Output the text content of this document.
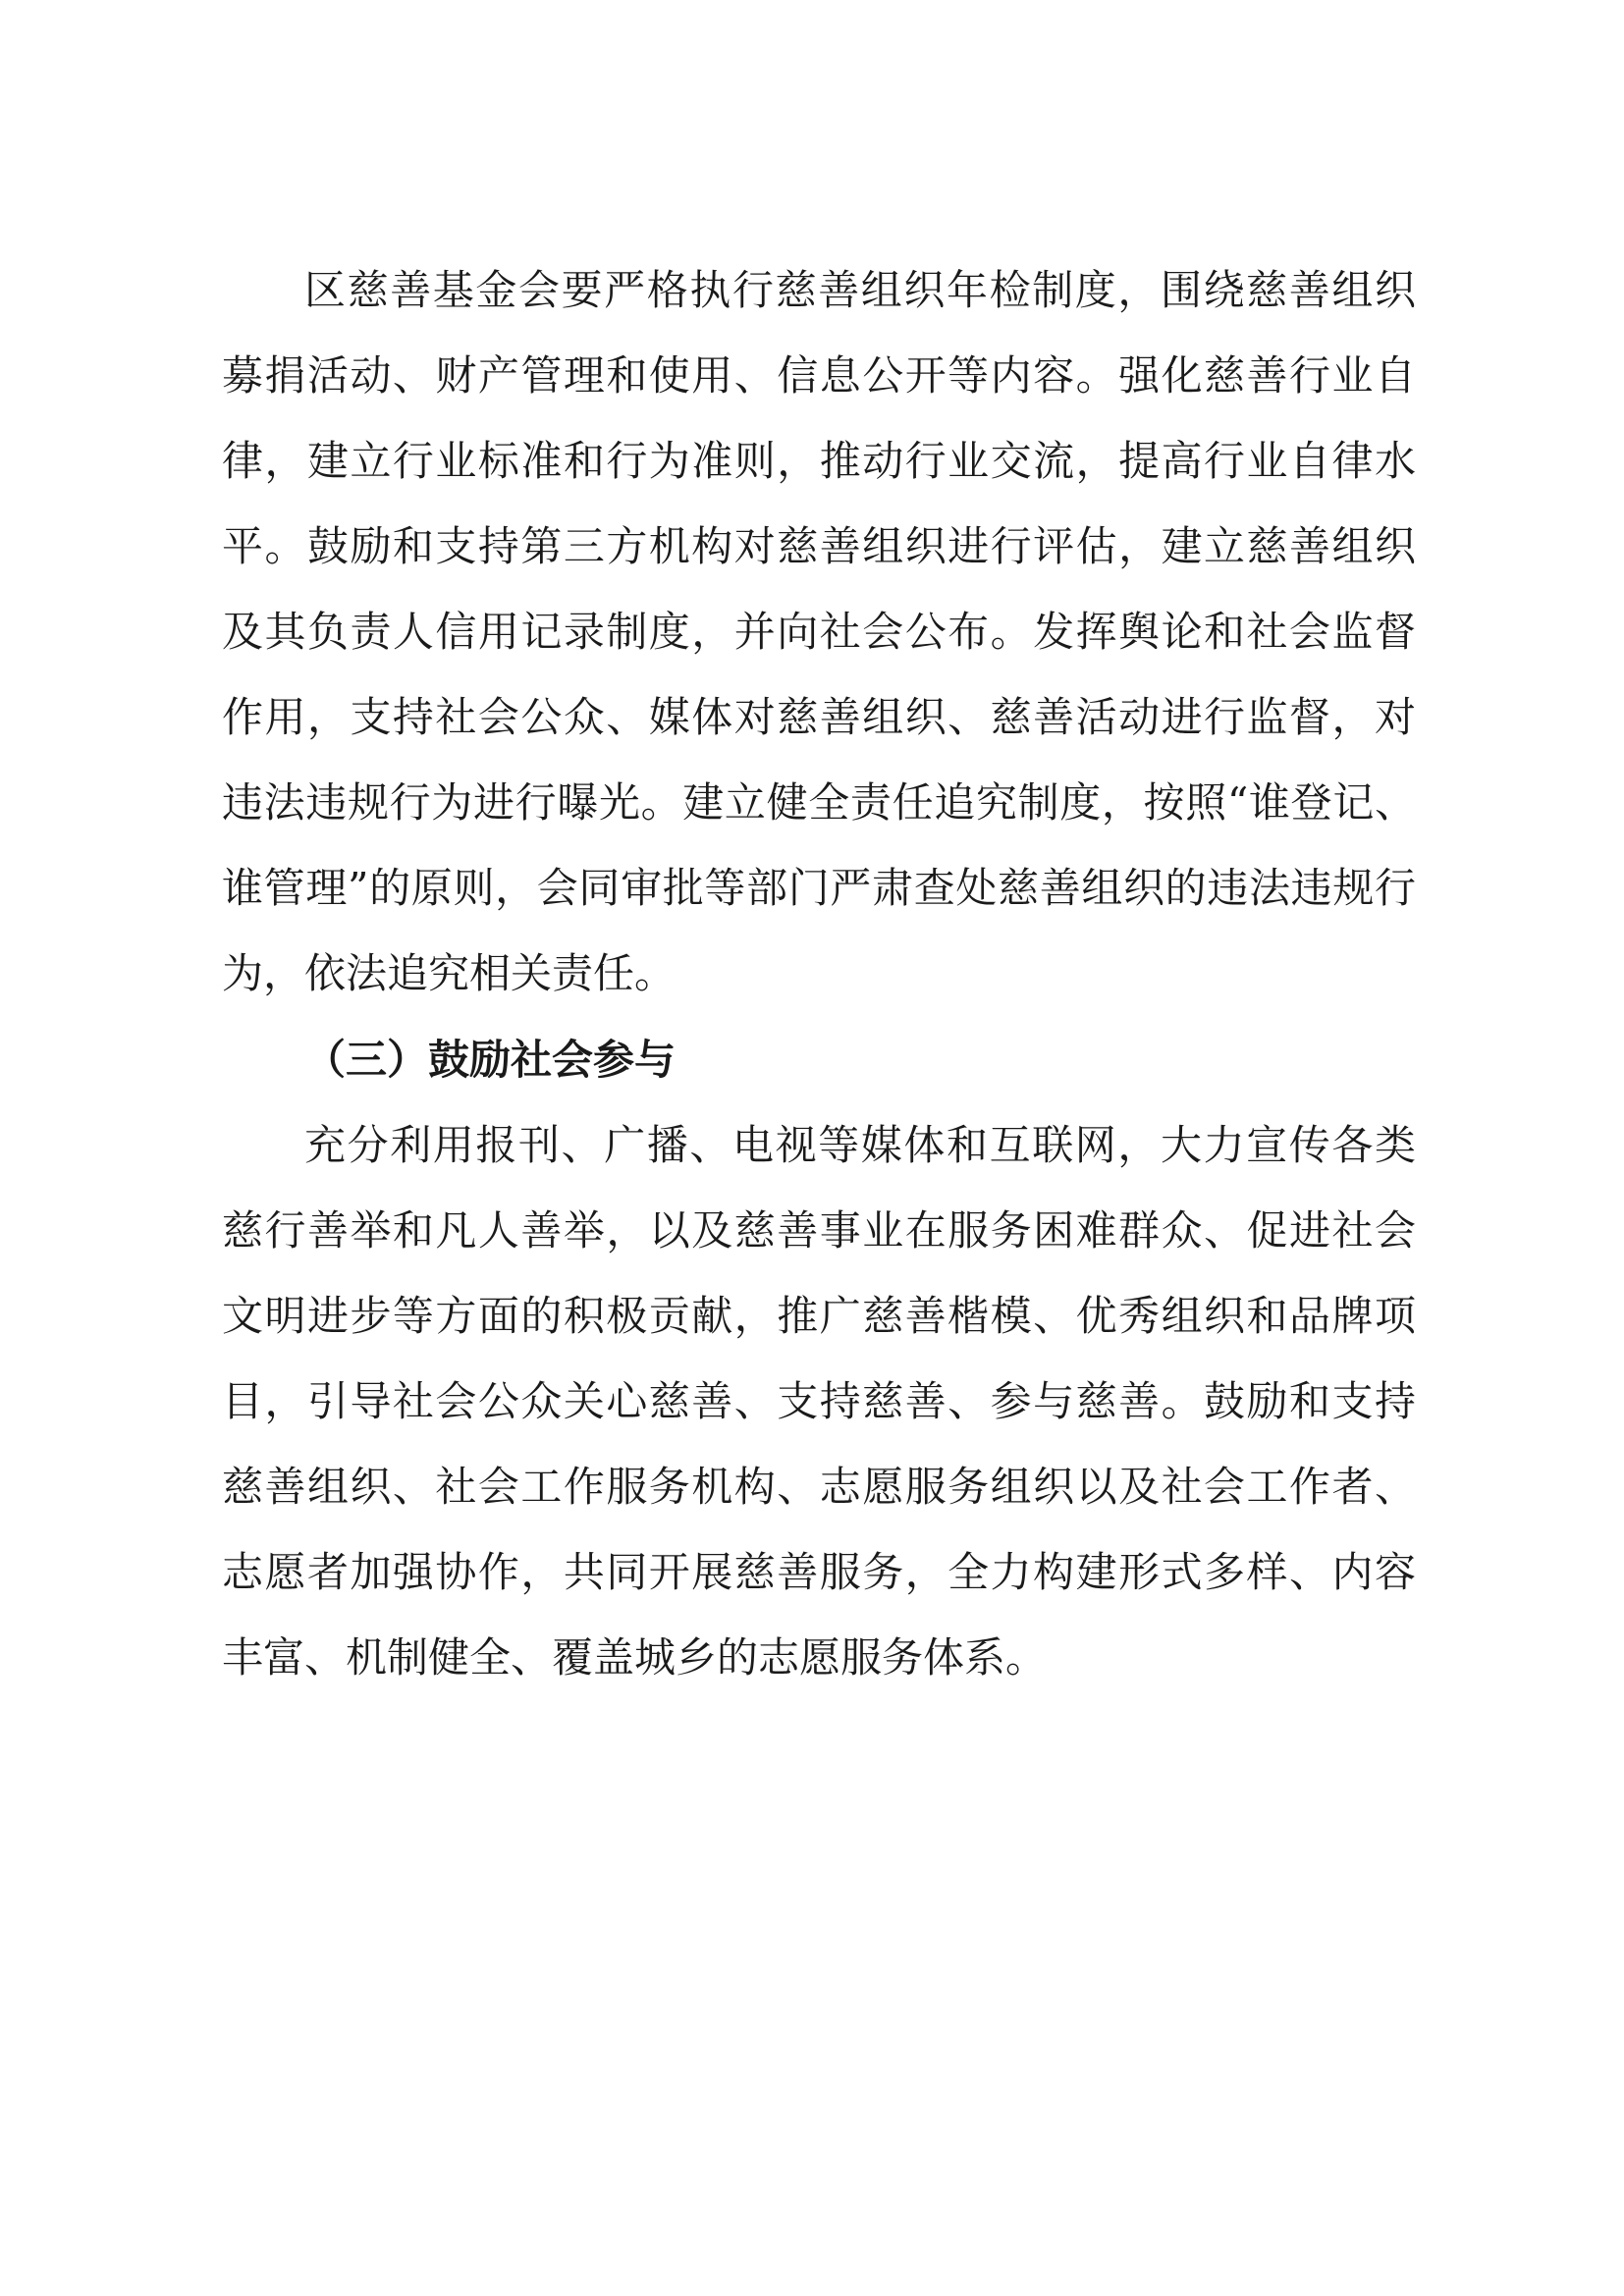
区慈善基金会要严格执行慈善组织年检制度，围绕慈善组织募捐活动、财产管理和使用、信息公开等内容。强化慈善行业自律，建立行业标准和行为准则，推动行业交流，提高行业自律水平。鼓励和支持第三方机构对慈善组织进行评估，建立慈善组织及其负责人信用记录制度，并向社会公布。发挥舆论和社会监督作用，支持社会公众、媒体对慈善组织、慈善活动进行监督，对违法违规行为进行曝光。建立健全责任追究制度，按照“谁登记、谁管理”的原则，会同审批等部门严肃查处慈善组织的违法违规行为，依法追究相关责任。

（三）鼓励社会参与

充分利用报刊、广播、电视等媒体和互联网，大力宣传各类慈行善举和凡人善举，以及慈善事业在服务困难群众、促进社会文明进步等方面的积极贡献，推广慈善楷模、优秀组织和品牌项目，引导社会公众关心慈善、支持慈善、参与慈善。鼓励和支持慈善组织、社会工作服务机构、志愿服务组织以及社会工作者、志愿者加强协作，共同开展慈善服务，全力构建形式多样、内容丰富、机制健全、覆盖城乡的志愿服务体系。
